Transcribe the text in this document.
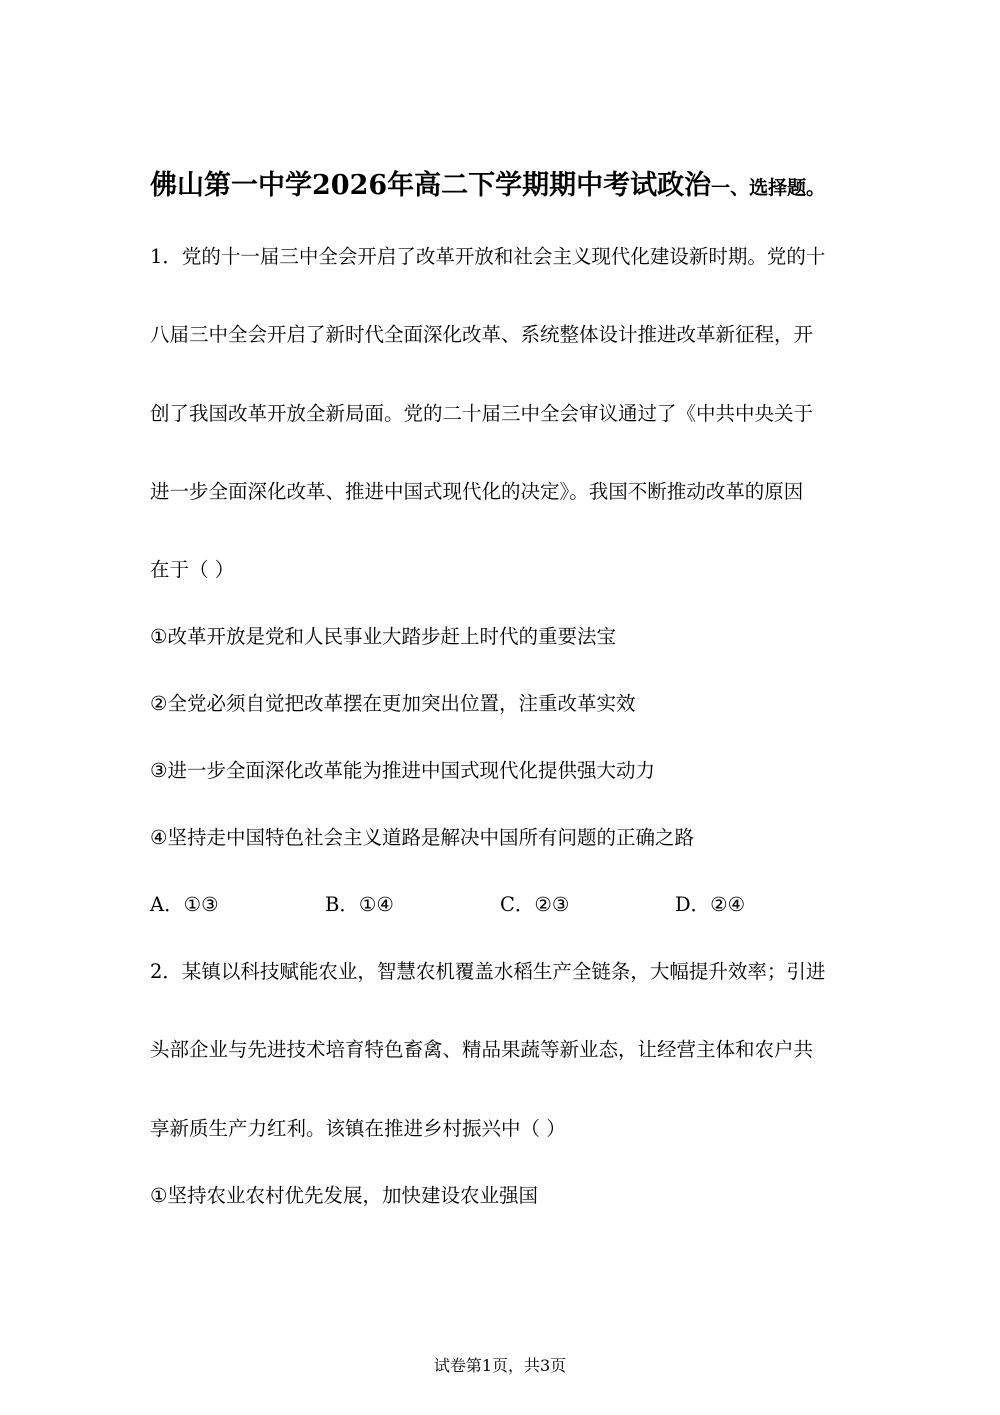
佛山第一中学2026年高二下学期期中考试政治一、选择题。
1．党的十一届三中全会开启了改革开放和社会主义现代化建设新时期。党的十
八届三中全会开启了新时代全面深化改革、系统整体设计推进改革新征程，开
创了我国改革开放全新局面。党的二十届三中全会审议通过了《中共中央关于
进一步全面深化改革、推进中国式现代化的决定》。我国不断推动改革的原因
在于（ ）
①改革开放是党和人民事业大踏步赶上时代的重要法宝
②全党必须自觉把改革摆在更加突出位置，注重改革实效
③进一步全面深化改革能为推进中国式现代化提供强大动力
④坚持走中国特色社会主义道路是解决中国所有问题的正确之路
A．①③	B．①④	C．②③	D．②④
2．某镇以科技赋能农业，智慧农机覆盖水稻生产全链条，大幅提升效率；引进
头部企业与先进技术培育特色畜禽、精品果蔬等新业态，让经营主体和农户共
享新质生产力红利。该镇在推进乡村振兴中（ ）
①坚持农业农村优先发展，加快建设农业强国
试卷第1页，共3页
